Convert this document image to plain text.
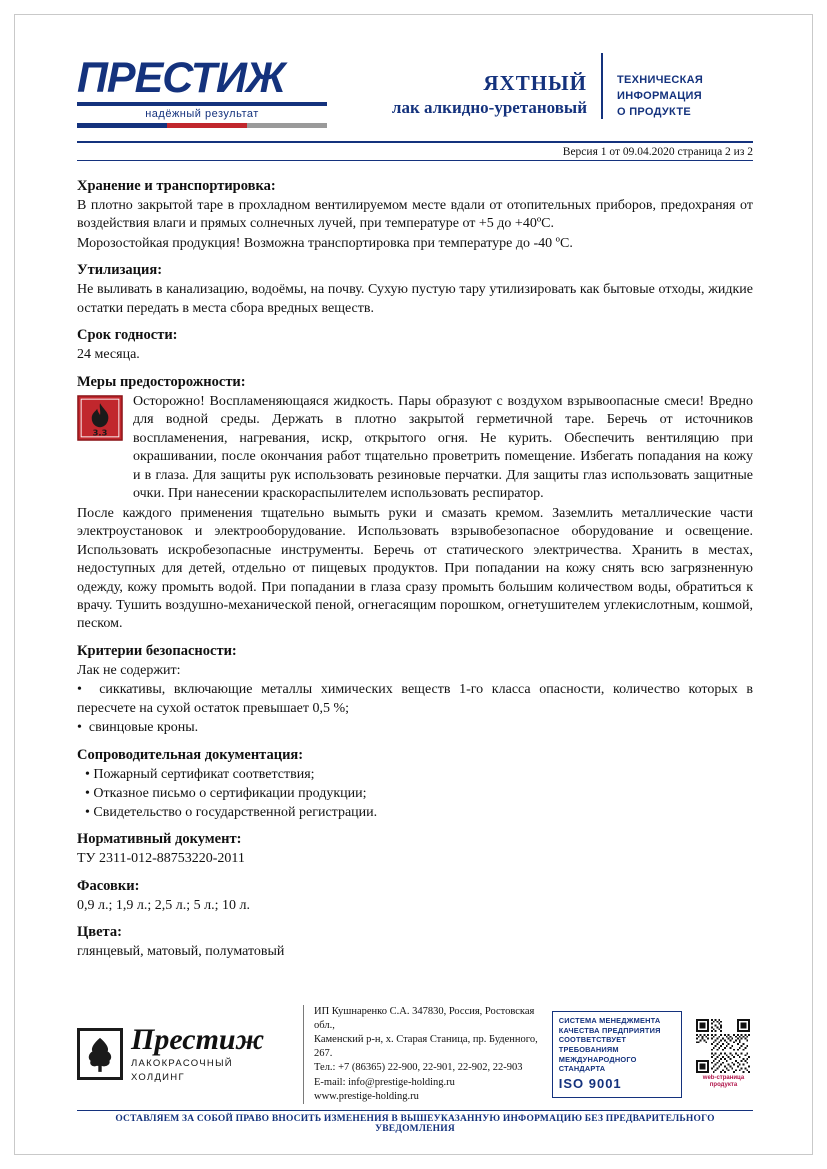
ПРЕСТИЖ
надёжный результат
ЯХТНЫЙ
лак алкидно-уретановый
ТЕХНИЧЕСКАЯ
ИНФОРМАЦИЯ
О ПРОДУКТЕ
Версия 1 от 09.04.2020 страница 2 из 2
Хранение и транспортировка:

В плотно закрытой таре в прохладном вентилируемом месте вдали от отопительных приборов, предохраняя от воздействия влаги и прямых солнечных лучей, при температуре от +5 до +40ºС.

Морозостойкая продукция! Возможна транспортировка при температуре до -40 ºС.

Утилизация:

Не выливать в канализацию, водоёмы, на почву. Сухую пустую тару утилизировать как бытовые отходы, жидкие остатки передать в места сбора вредных веществ.

Срок годности:

24 месяца.

Меры предосторожности:
3.3

Осторожно! Воспламеняющаяся жидкость. Пары образуют с воздухом взрывоопасные смеси! Вредно для водной среды. Держать в плотно закрытой герметичной таре. Беречь от источников воспламенения, нагревания, искр, открытого огня. Не курить. Обеспечить вентиляцию при окрашивании, после окончания работ тщательно проветрить помещение. Избегать попадания на кожу и в глаза. Для защиты рук использовать резиновые перчатки. Для защиты глаз использовать защитные очки. При нанесении краскораспылителем использовать респиратор.

После каждого применения тщательно вымыть руки и смазать кремом. Заземлить металлические части электроустановок и электрооборудование. Использовать взрывобезопасное оборудование и освещение. Использовать искробезопасные инструменты. Беречь от статического электричества. Хранить в местах, недоступных для детей, отдельно от пищевых продуктов. При попадании на кожу снять всю загрязненную одежду, кожу промыть водой. При попадании в глаза сразу промыть большим количеством воды, обратиться к врачу. Тушить воздушно-механической пеной, огнегасящим порошком, огнетушителем углекислотным, кошмой, песком.

Критерии безопасности:

Лак не содержит:

•  сиккативы, включающие металлы химических веществ 1-го класса опасности, количество которых в пересчете на сухой остаток превышает 0,5 %;

•  свинцовые кроны.

Сопроводительная документация:
• Пожарный сертификат соответствия;
• Отказное письмо о сертификации продукции;
• Свидетельство о государственной регистрации.
Нормативный документ:

ТУ 2311-012-88753220-2011

Фасовки:

0,9 л.; 1,9 л.; 2,5 л.; 5 л.; 10 л.

Цвета:

глянцевый, матовый, полуматовый

Престиж
ЛАКОКРАСОЧНЫЙ
ХОЛДИНГ
ИП Кушнаренко С.А. 347830, Россия, Ростовская обл.,
Каменский р-н, х. Старая Станица, пр. Буденного, 267.
Тел.: +7 (86365) 22-900, 22-901, 22-902, 22-903
E-mail: info@prestige-holding.ru
www.prestige-holding.ru
СИСТЕМА МЕНЕДЖМЕНТА
КАЧЕСТВА ПРЕДПРИЯТИЯ
СООТВЕТСТВУЕТ ТРЕБОВАНИЯМ
МЕЖДУНАРОДНОГО СТАНДАРТА
ISO 9001	web-страница продукта
ОСТАВЛЯЕМ ЗА СОБОЙ ПРАВО ВНОСИТЬ ИЗМЕНЕНИЯ В ВЫШЕУКАЗАННУЮ ИНФОРМАЦИЮ БЕЗ ПРЕДВАРИТЕЛЬНОГО УВЕДОМЛЕНИЯ
